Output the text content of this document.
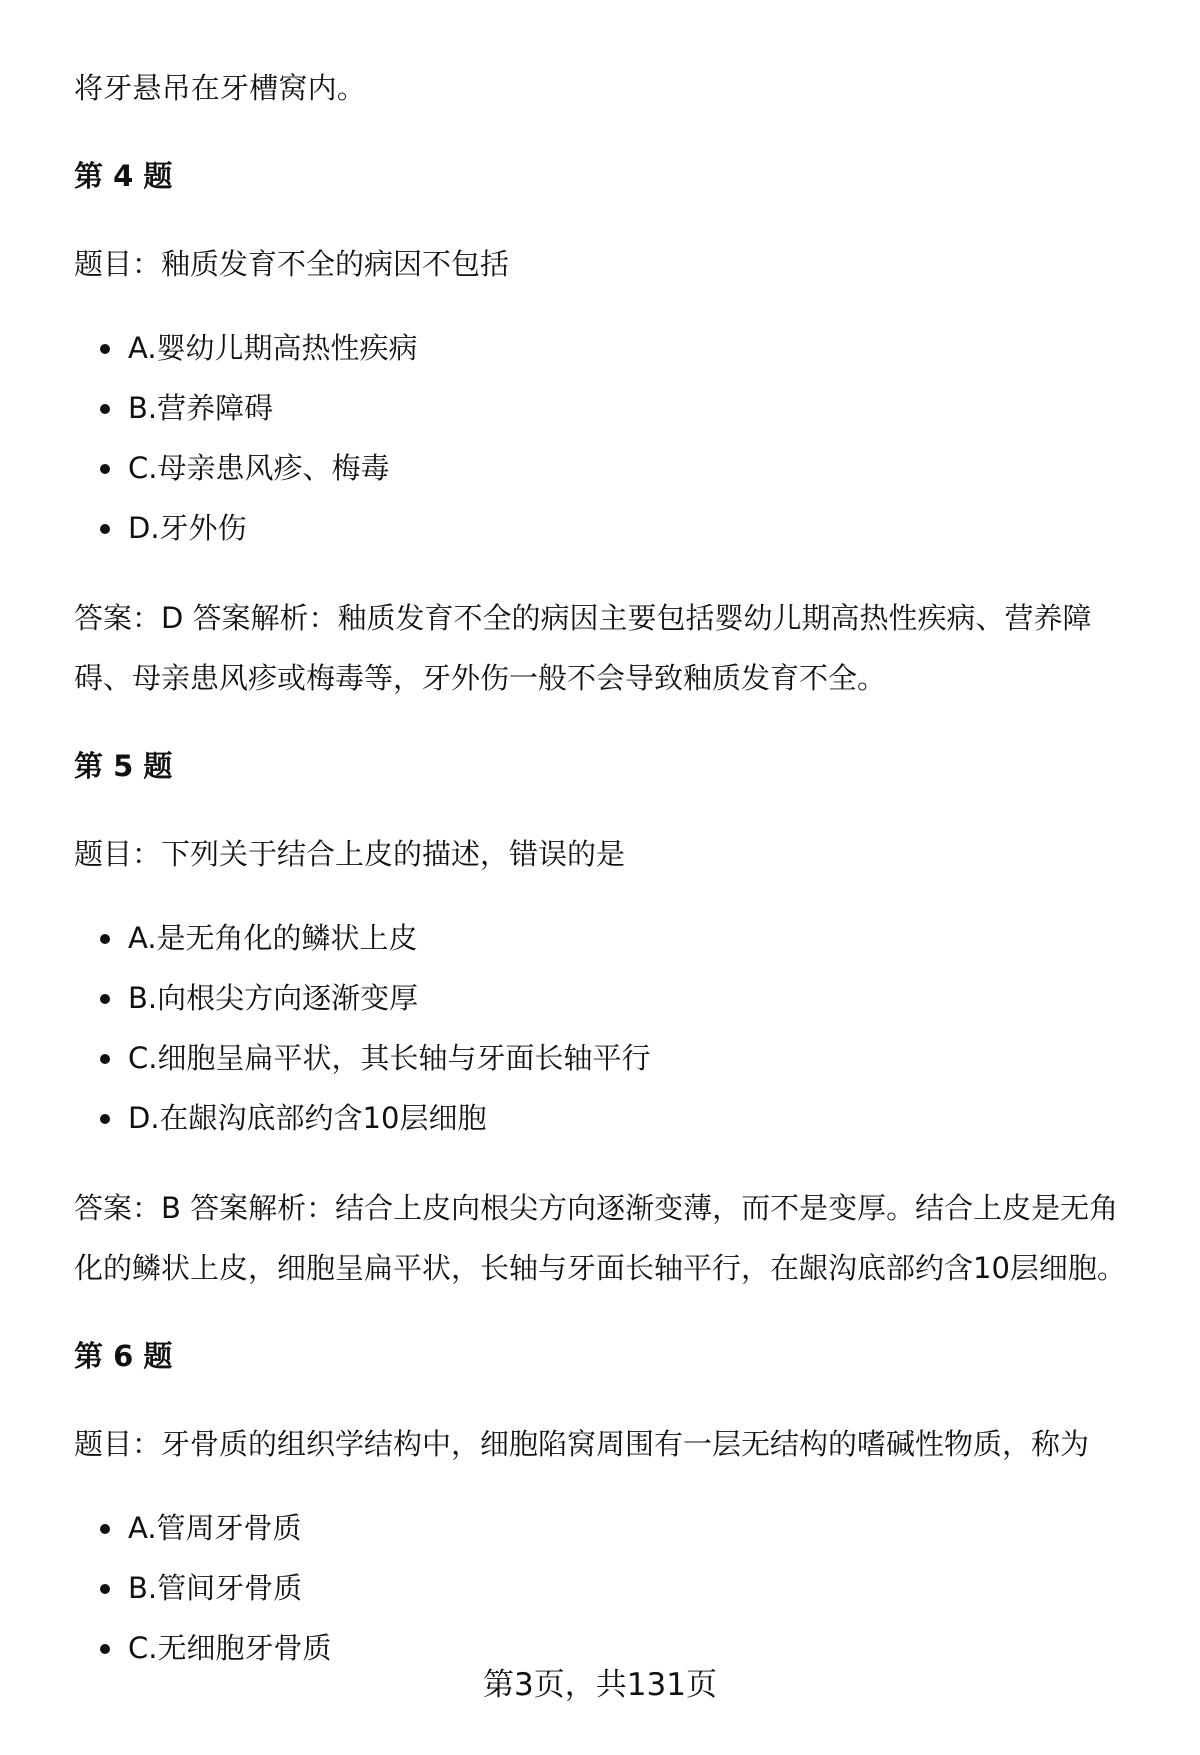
将牙悬吊在牙槽窝内。

第 4 题
题目：釉质发育不全的病因不包括
A.婴幼儿期高热性疾病
B.营养障碍
C.母亲患风疹、梅毒
D.牙外伤
答案：D 答案解析：釉质发育不全的病因主要包括婴幼儿期高热性疾病、营养障碍、母亲患风疹或梅毒等，牙外伤一般不会导致釉质发育不全。
第 5 题
题目：下列关于结合上皮的描述，错误的是
A.是无角化的鳞状上皮
B.向根尖方向逐渐变厚
C.细胞呈扁平状，其长轴与牙面长轴平行
D.在龈沟底部约含10层细胞
答案：B 答案解析：结合上皮向根尖方向逐渐变薄，而不是变厚。结合上皮是无角化的鳞状上皮，细胞呈扁平状，长轴与牙面长轴平行，在龈沟底部约含10层细胞。
第 6 题
题目：牙骨质的组织学结构中，细胞陷窝周围有一层无结构的嗜碱性物质，称为
A.管周牙骨质
B.管间牙骨质
C.无细胞牙骨质
第3页，共131页
